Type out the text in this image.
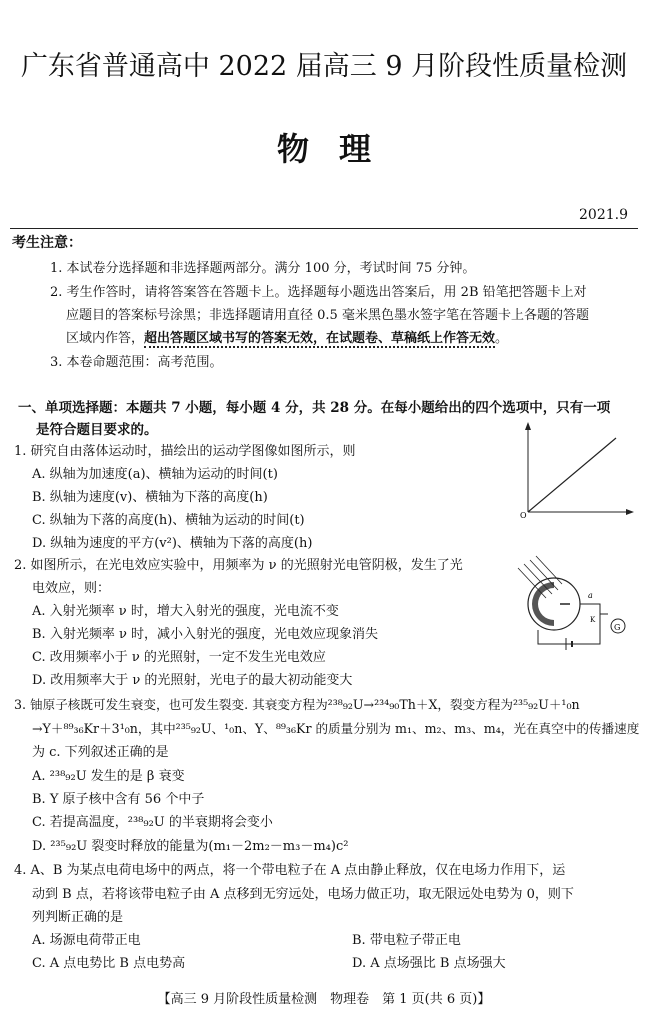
广东省普通高中 2022 届高三 9 月阶段性质量检测
物理
2021.9
考生注意：
1. 本试卷分选择题和非选择题两部分。满分 100 分，考试时间 75 分钟。
2. 考生作答时，请将答案答在答题卡上。选择题每小题选出答案后，用 2B 铅笔把答题卡上对
应题目的答案标号涂黑；非选择题请用直径 0.5 毫米黑色墨水签字笔在答题卡上各题的答题
区域内作答，超出答题区域书写的答案无效，在试题卷、草稿纸上作答无效。
3. 本卷命题范围：高考范围。
一、单项选择题：本题共 7 小题，每小题 4 分，共 28 分。在每小题给出的四个选项中，只有一项
是符合题目要求的。
1. 研究自由落体运动时，描绘出的运动学图像如图所示，则
A. 纵轴为加速度(a)、横轴为运动的时间(t)
B. 纵轴为速度(v)、横轴为下落的高度(h)
C. 纵轴为下落的高度(h)、横轴为运动的时间(t)
D. 纵轴为速度的平方(v²)、横轴为下落的高度(h)
O
2. 如图所示，在光电效应实验中，用频率为 ν 的光照射光电管阴极，发生了光
电效应，则：
A. 入射光频率 ν 时，增大入射光的强度，光电流不变
B. 入射光频率 ν 时，减小入射光的强度，光电效应现象消失
C. 改用频率小于 ν 的光照射，一定不发生光电效应
D. 改用频率大于 ν 的光照射，光电子的最大初动能变大
G
a
K
3. 铀原子核既可发生衰变，也可发生裂变. 其衰变方程为²³⁸₉₂U→²³⁴₉₀Th＋X，裂变方程为²³⁵₉₂U＋¹₀n
→Y＋⁸⁹₃₆Kr＋3¹₀n，其中²³⁵₉₂U、¹₀n、Y、⁸⁹₃₆Kr 的质量分别为 m₁、m₂、m₃、m₄，光在真空中的传播速度
为 c. 下列叙述正确的是
A. ²³⁸₉₂U 发生的是 β 衰变
B. Y 原子核中含有 56 个中子
C. 若提高温度，²³⁸₉₂U 的半衰期将会变小
D. ²³⁵₉₂U 裂变时释放的能量为(m₁－2m₂－m₃－m₄)c²
4. A、B 为某点电荷电场中的两点，将一个带电粒子在 A 点由静止释放，仅在电场力作用下，运
动到 B 点，若将该带电粒子由 A 点移到无穷远处，电场力做正功，取无限远处电势为 0，则下
列判断正确的是
A. 场源电荷带正电	B. 带电粒子带正电
C. A 点电势比 B 点电势高	D. A 点场强比 B 点场强大
【高三 9 月阶段性质量检测　物理卷　第 1 页(共 6 页)】
